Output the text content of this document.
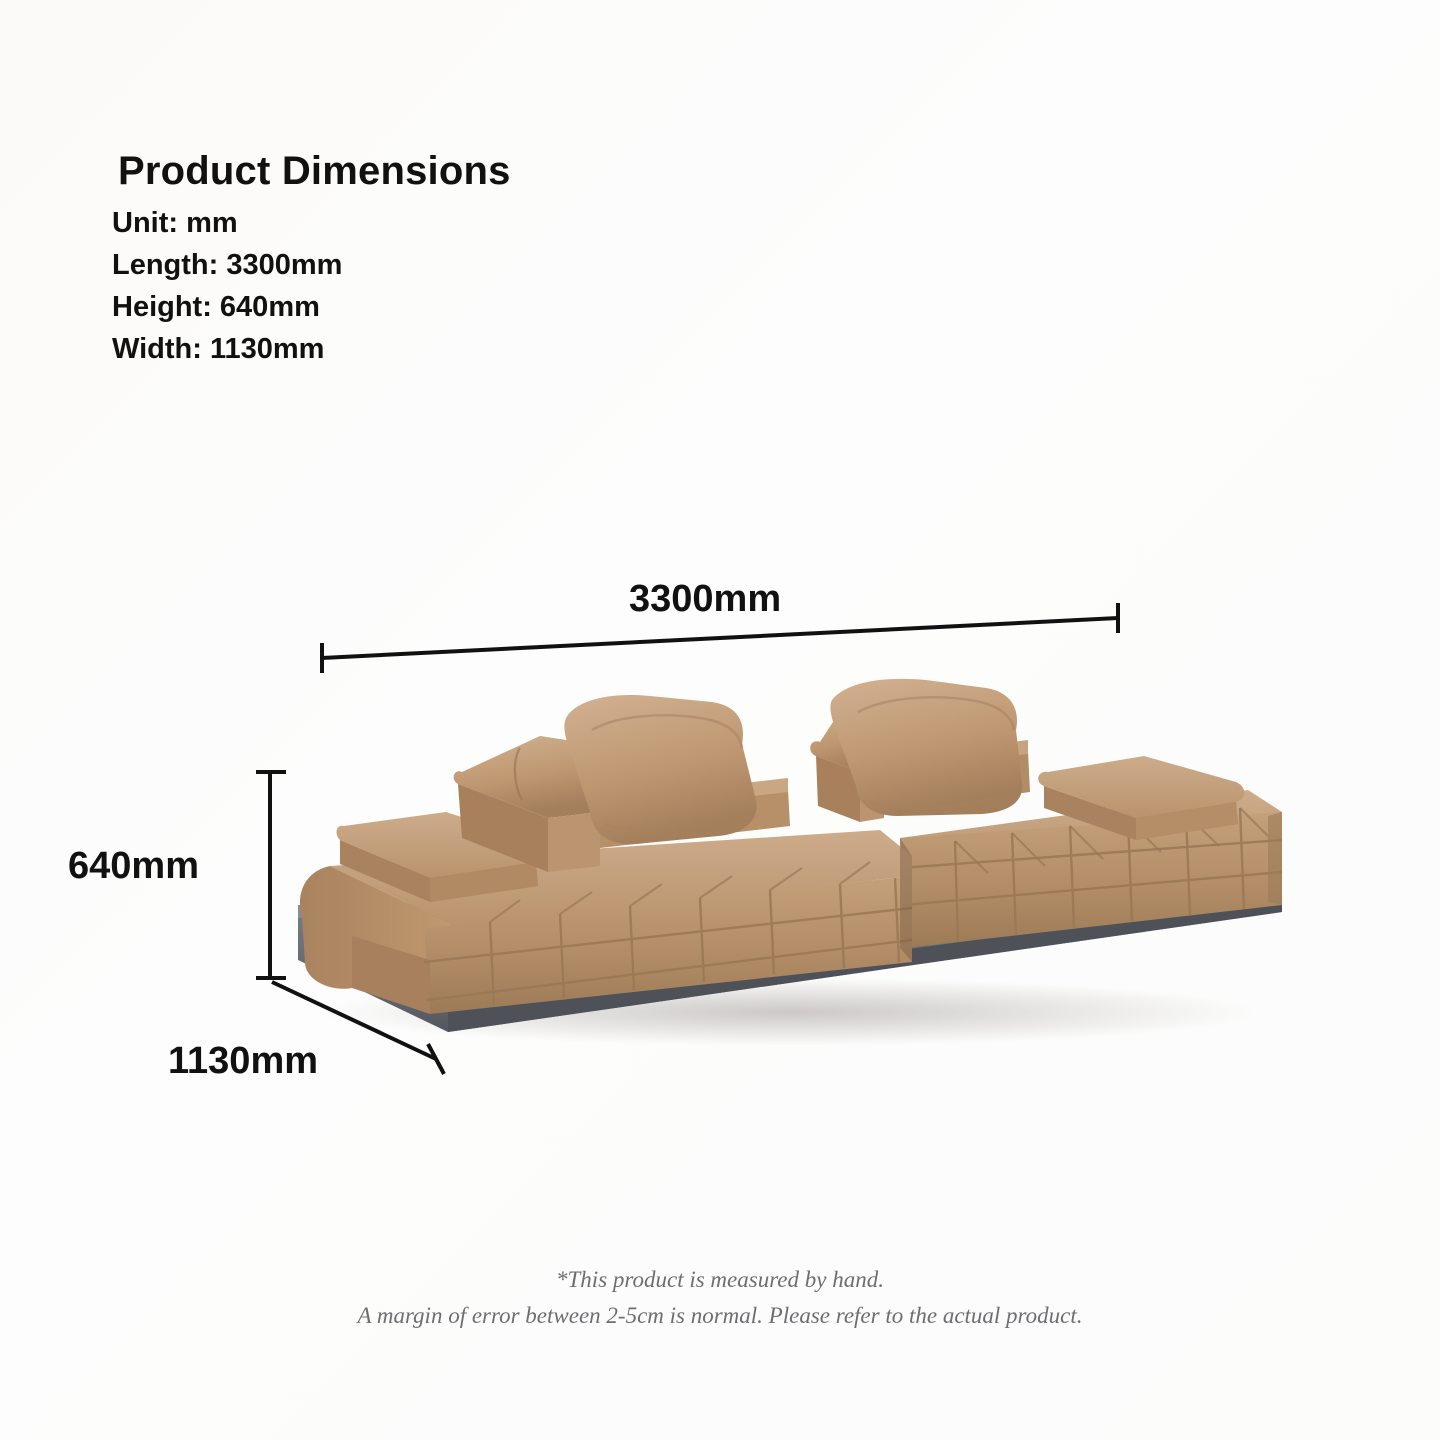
Product Dimensions
Unit: mm
Length: 3300mm
Height: 640mm
Width: 1130mm
3300mm
640mm
1130mm
*This product is measured by hand.
A margin of error between 2-5cm is normal. Please refer to the actual product.
